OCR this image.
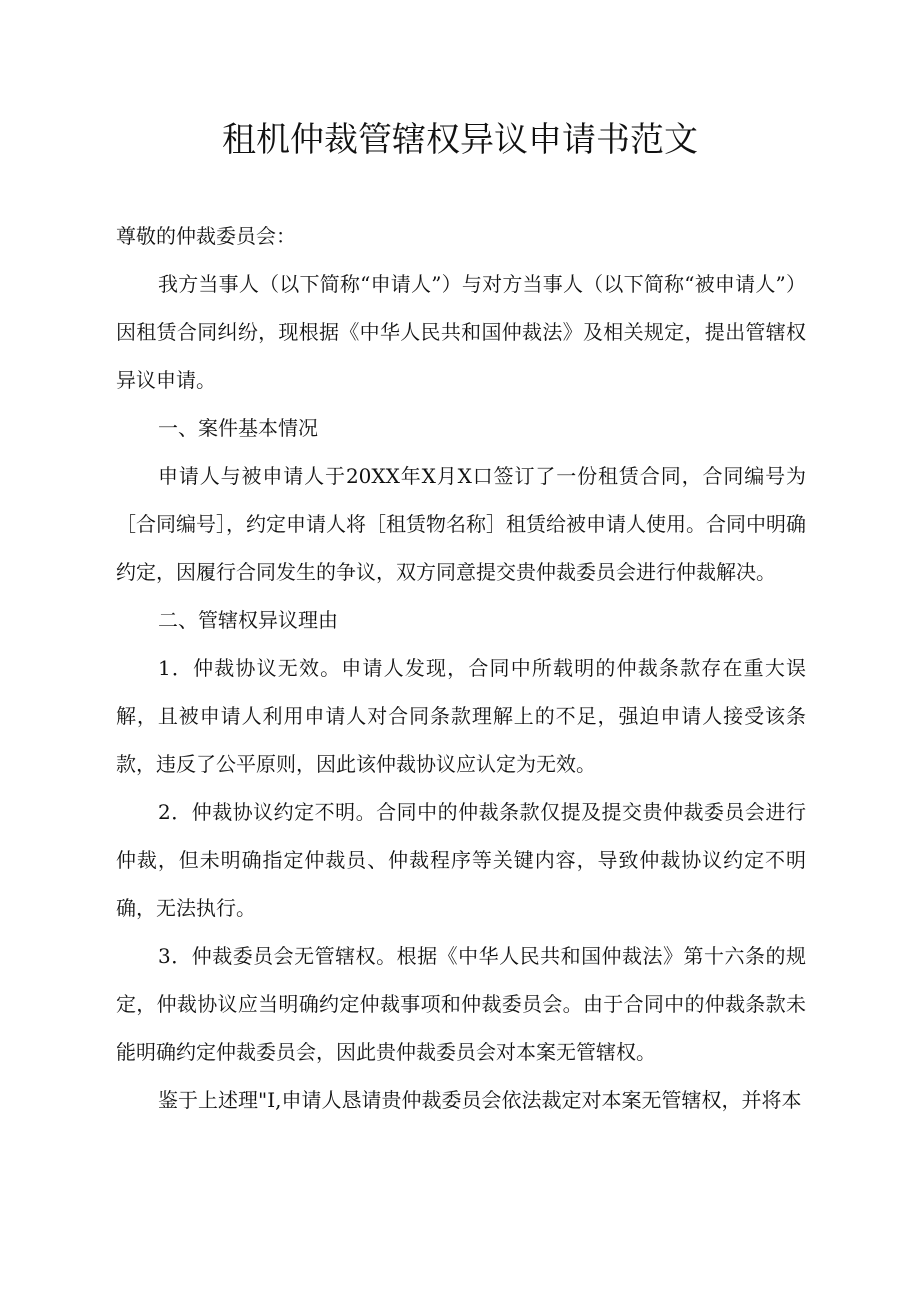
租机仲裁管辖权异议申请书范文

尊敬的仲裁委员会：

我方当事人（以下简称“申请人”）与对方当事人（以下简称“被申请人”）因租赁合同纠纷，现根据《中华人民共和国仲裁法》及相关规定，提出管辖权异议申请。

一、案件基本情况

申请人与被申请人于20XX年X月X口签订了一份租赁合同，合同编号为［合同编号］，约定申请人将［租赁物名称］租赁给被申请人使用。合同中明确约定，因履行合同发生的争议，双方同意提交贵仲裁委员会进行仲裁解决。

二、管辖权异议理由

1．仲裁协议无效。申请人发现，合同中所载明的仲裁条款存在重大误解，且被申请人利用申请人对合同条款理解上的不足，强迫申请人接受该条款，违反了公平原则，因此该仲裁协议应认定为无效。

2．仲裁协议约定不明。合同中的仲裁条款仅提及提交贵仲裁委员会进行仲裁，但未明确指定仲裁员、仲裁程序等关键内容，导致仲裁协议约定不明确，无法执行。

3．仲裁委员会无管辖权。根据《中华人民共和国仲裁法》第十六条的规定，仲裁协议应当明确约定仲裁事项和仲裁委员会。由于合同中的仲裁条款未能明确约定仲裁委员会，因此贵仲裁委员会对本案无管辖权。

鉴于上述理"I,申请人恳请贵仲裁委员会依法裁定对本案无管辖权，并将本
